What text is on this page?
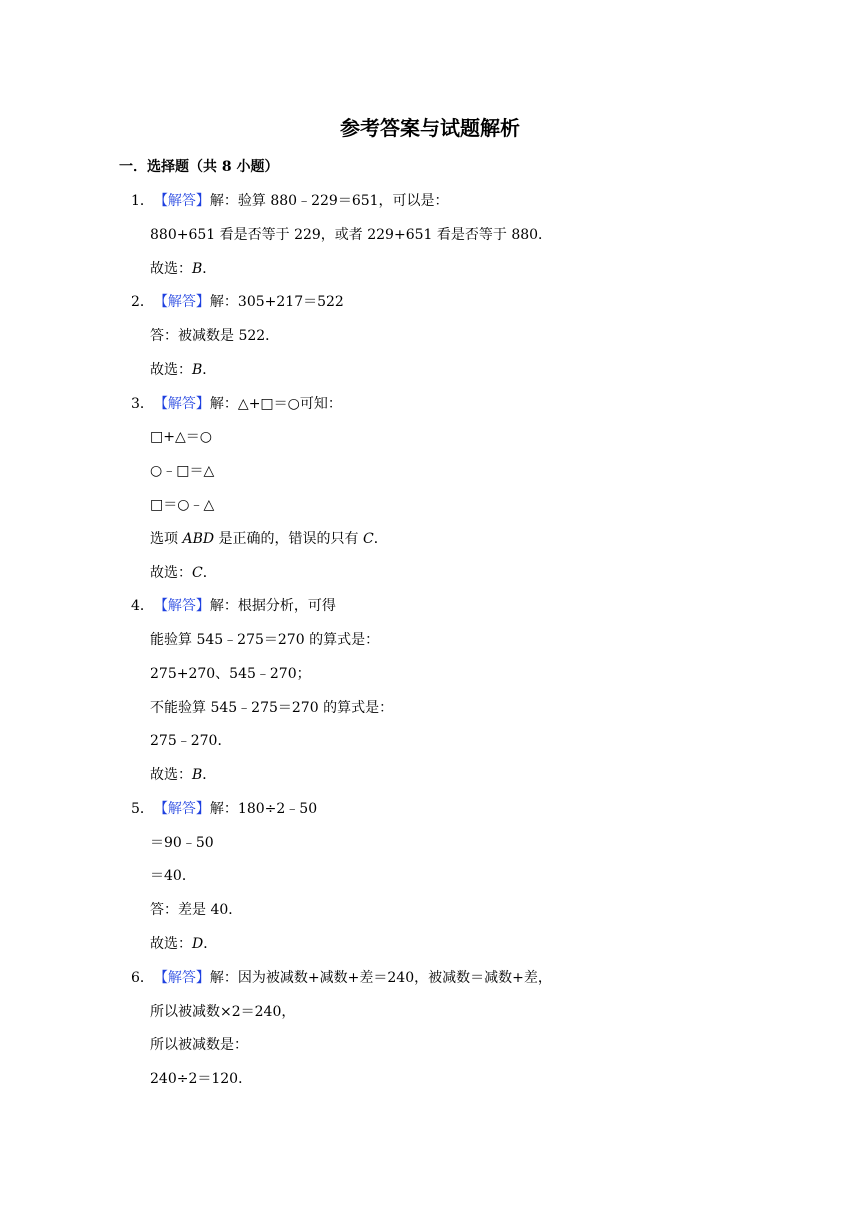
参考答案与试题解析
一．选择题（共 8 小题）
1．【解答】解：验算 880﹣229＝651，可以是：
880+651 看是否等于 229，或者 229+651 看是否等于 880．
故选：B．
2．【解答】解：305+217＝522
答：被减数是 522．
故选：B．
3．【解答】解：△+□＝○可知：
□+△＝○
○﹣□＝△
□＝○﹣△
选项 ABD 是正确的，错误的只有 C．
故选：C．
4．【解答】解：根据分析，可得
能验算 545﹣275＝270 的算式是：
275+270、545﹣270；
不能验算 545﹣275＝270 的算式是：
275﹣270．
故选：B．
5．【解答】解：180÷2﹣50
＝90﹣50
＝40．
答：差是 40．
故选：D．
6．【解答】解：因为被减数+减数+差＝240，被减数＝减数+差，
所以被减数×2＝240，
所以被减数是：
240÷2＝120．
